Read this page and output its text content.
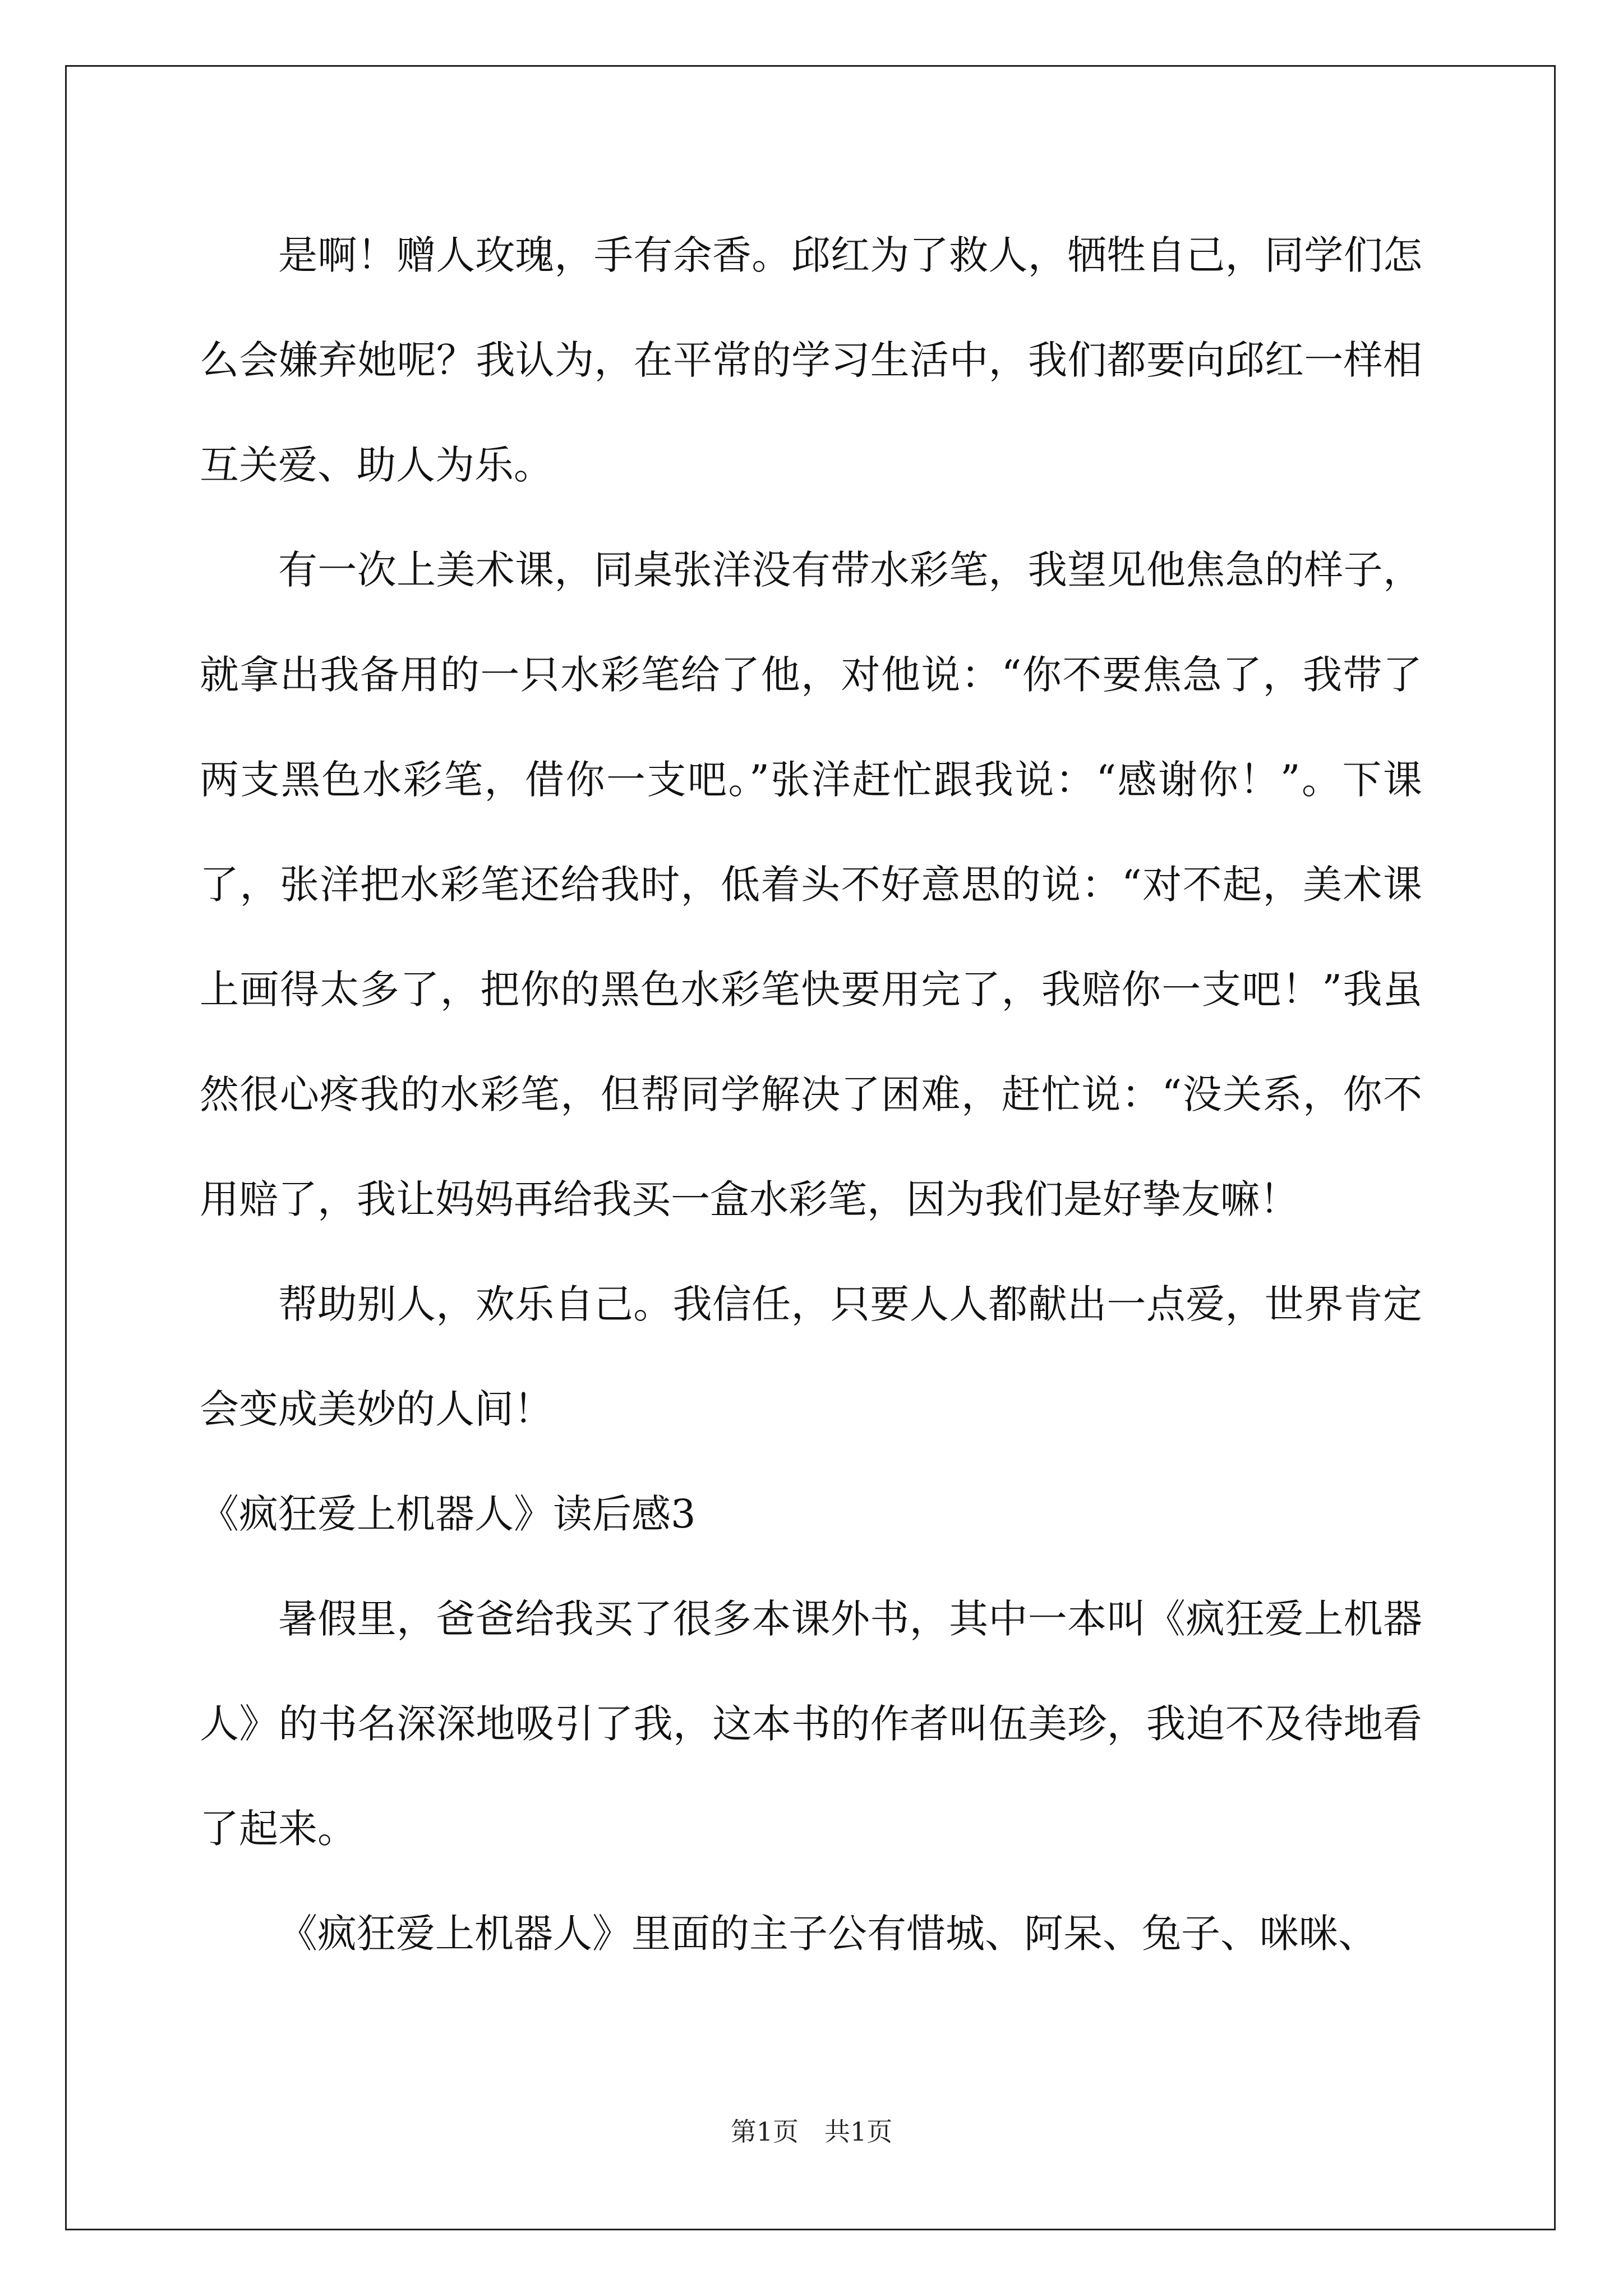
是啊！赠人玫瑰，手有余香。邱红为了救人，牺牲自己，同学们怎么会嫌弃她呢？我认为，在平常的学习生活中，我们都要向邱红一样相互关爱、助人为乐。

有一次上美术课，同桌张洋没有带水彩笔，我望见他焦急的样子，就拿出我备用的一只水彩笔给了他，对他说：“你不要焦急了，我带了两支黑色水彩笔，借你一支吧。”张洋赶忙跟我说：“感谢你！”。下课了，张洋把水彩笔还给我时，低着头不好意思的说：“对不起，美术课上画得太多了，把你的黑色水彩笔快要用完了，我赔你一支吧！”我虽然很心疼我的水彩笔，但帮同学解决了困难，赶忙说：“没关系，你不用赔了，我让妈妈再给我买一盒水彩笔，因为我们是好挚友嘛！

帮助别人，欢乐自己。我信任，只要人人都献出一点爱，世界肯定会变成美妙的人间！

《疯狂爱上机器人》读后感3

暑假里，爸爸给我买了很多本课外书，其中一本叫《疯狂爱上机器人》的书名深深地吸引了我，这本书的作者叫伍美珍，我迫不及待地看了起来。

《疯狂爱上机器人》里面的主子公有惜城、阿呆、兔子、咪咪、

第1页　共1页
